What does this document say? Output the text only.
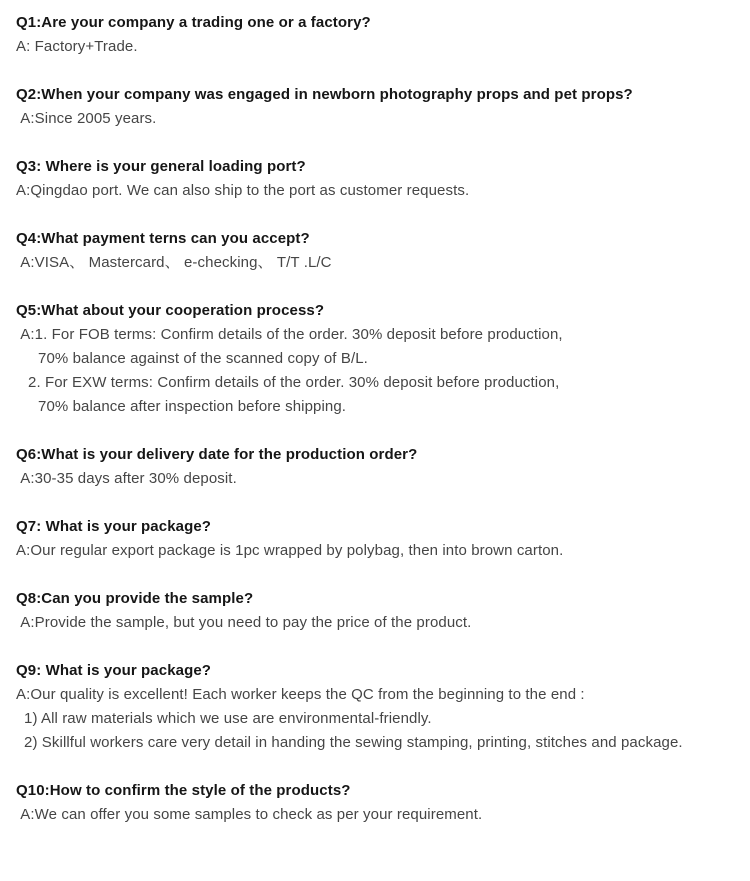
Q1:Are your company a trading one or a factory?

A: Factory+Trade.

Q2:When your company was engaged in newborn photography props and pet props?

A:Since 2005 years.

Q3: Where is your general loading port?

A:Qingdao port. We can also ship to the port as customer requests.

Q4:What payment terns can you accept?

A:VISA、 Mastercard、 e-checking、 T/T .L/C

Q5:What about your cooperation process?

A:1. For FOB terms: Confirm details of the order. 30% deposit before production,

70% balance against of the scanned copy of B/L.

2. For EXW terms: Confirm details of the order. 30% deposit before production,

70% balance after inspection before shipping.

Q6:What is your delivery date for the production order?

A:30-35 days after 30% deposit.

Q7: What is your package?

A:Our regular export package is 1pc wrapped by polybag, then into brown carton.

Q8:Can you provide the sample?

A:Provide the sample, but you need to pay the price of the product.

Q9: What is your package?

A:Our quality is excellent! Each worker keeps the QC from the beginning to the end :

1) All raw materials which we use are environmental-friendly.

2) Skillful workers care very detail in handing the sewing stamping, printing, stitches and package.

Q10:How to confirm the style of the products?

A:We can offer you some samples to check as per your requirement.
